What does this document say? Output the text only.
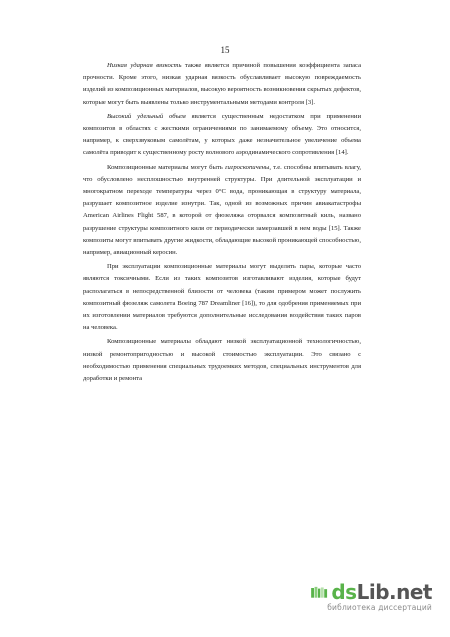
15

Низкая ударная вязкость также является причиной повышения коэффициента запаса прочности. Кроме этого, низкая ударная вязкость обуславливает высокую повреждаемость изделий из композиционных материалов, высокую вероятность возникновения скрытых дефектов, которые могут быть выявлены только инструментальными методами контроля [3].

Высокий удельный объем является существенным недостатком при применении композитов в областях с жесткими ограничениями по занимаемому объему. Это относится, например, к сверхзвуковым самолётам, у которых даже незначительное увеличение объема самолёта приводит к существенному росту волнового аэродинамического сопротивления [14].

Композиционные материалы могут быть гигроскопичены, т.е. способны впитывать влагу, что обусловлено несплошностью внутренней структуры. При длительной эксплуатации и многократном переходе температуры через 0°С вода, проникающая в структуру материала, разрушает композитное изделие изнутри. Так, одной из возможных причин авиакатастрофы American Airlines Flight 587, в которой от фюзеляжа оторвался композитный киль, названо разрушение структуры композитного киля от периодически замерзавшей в нем воды [15]. Также композиты могут впитывать другие жидкости, обладающие высокой проникающей способностью, например, авиационный керосин.

При эксплуатации композиционные материалы могут выделять пары, которые часто являются токсичными. Если из таких композитов изготавливают изделия, которые будут располагаться в непосредственной близости от человека (таким примером может послужить композитный фюзеляж самолета Boeing 787 Dreamliner [16]), то для одобрения применяемых при их изготовлении материалов требуются дополнительные исследования воздействия таких паров на человека.

Композиционные материалы обладают низкой эксплуатационной технологичностью, низкой ремонтопригодностью и высокой стоимостью эксплуатации. Это связано с необходимостью применения специальных трудоемких методов, специальных инструментов для доработки и ремонта

dsLib.net
библиотека диссертаций
